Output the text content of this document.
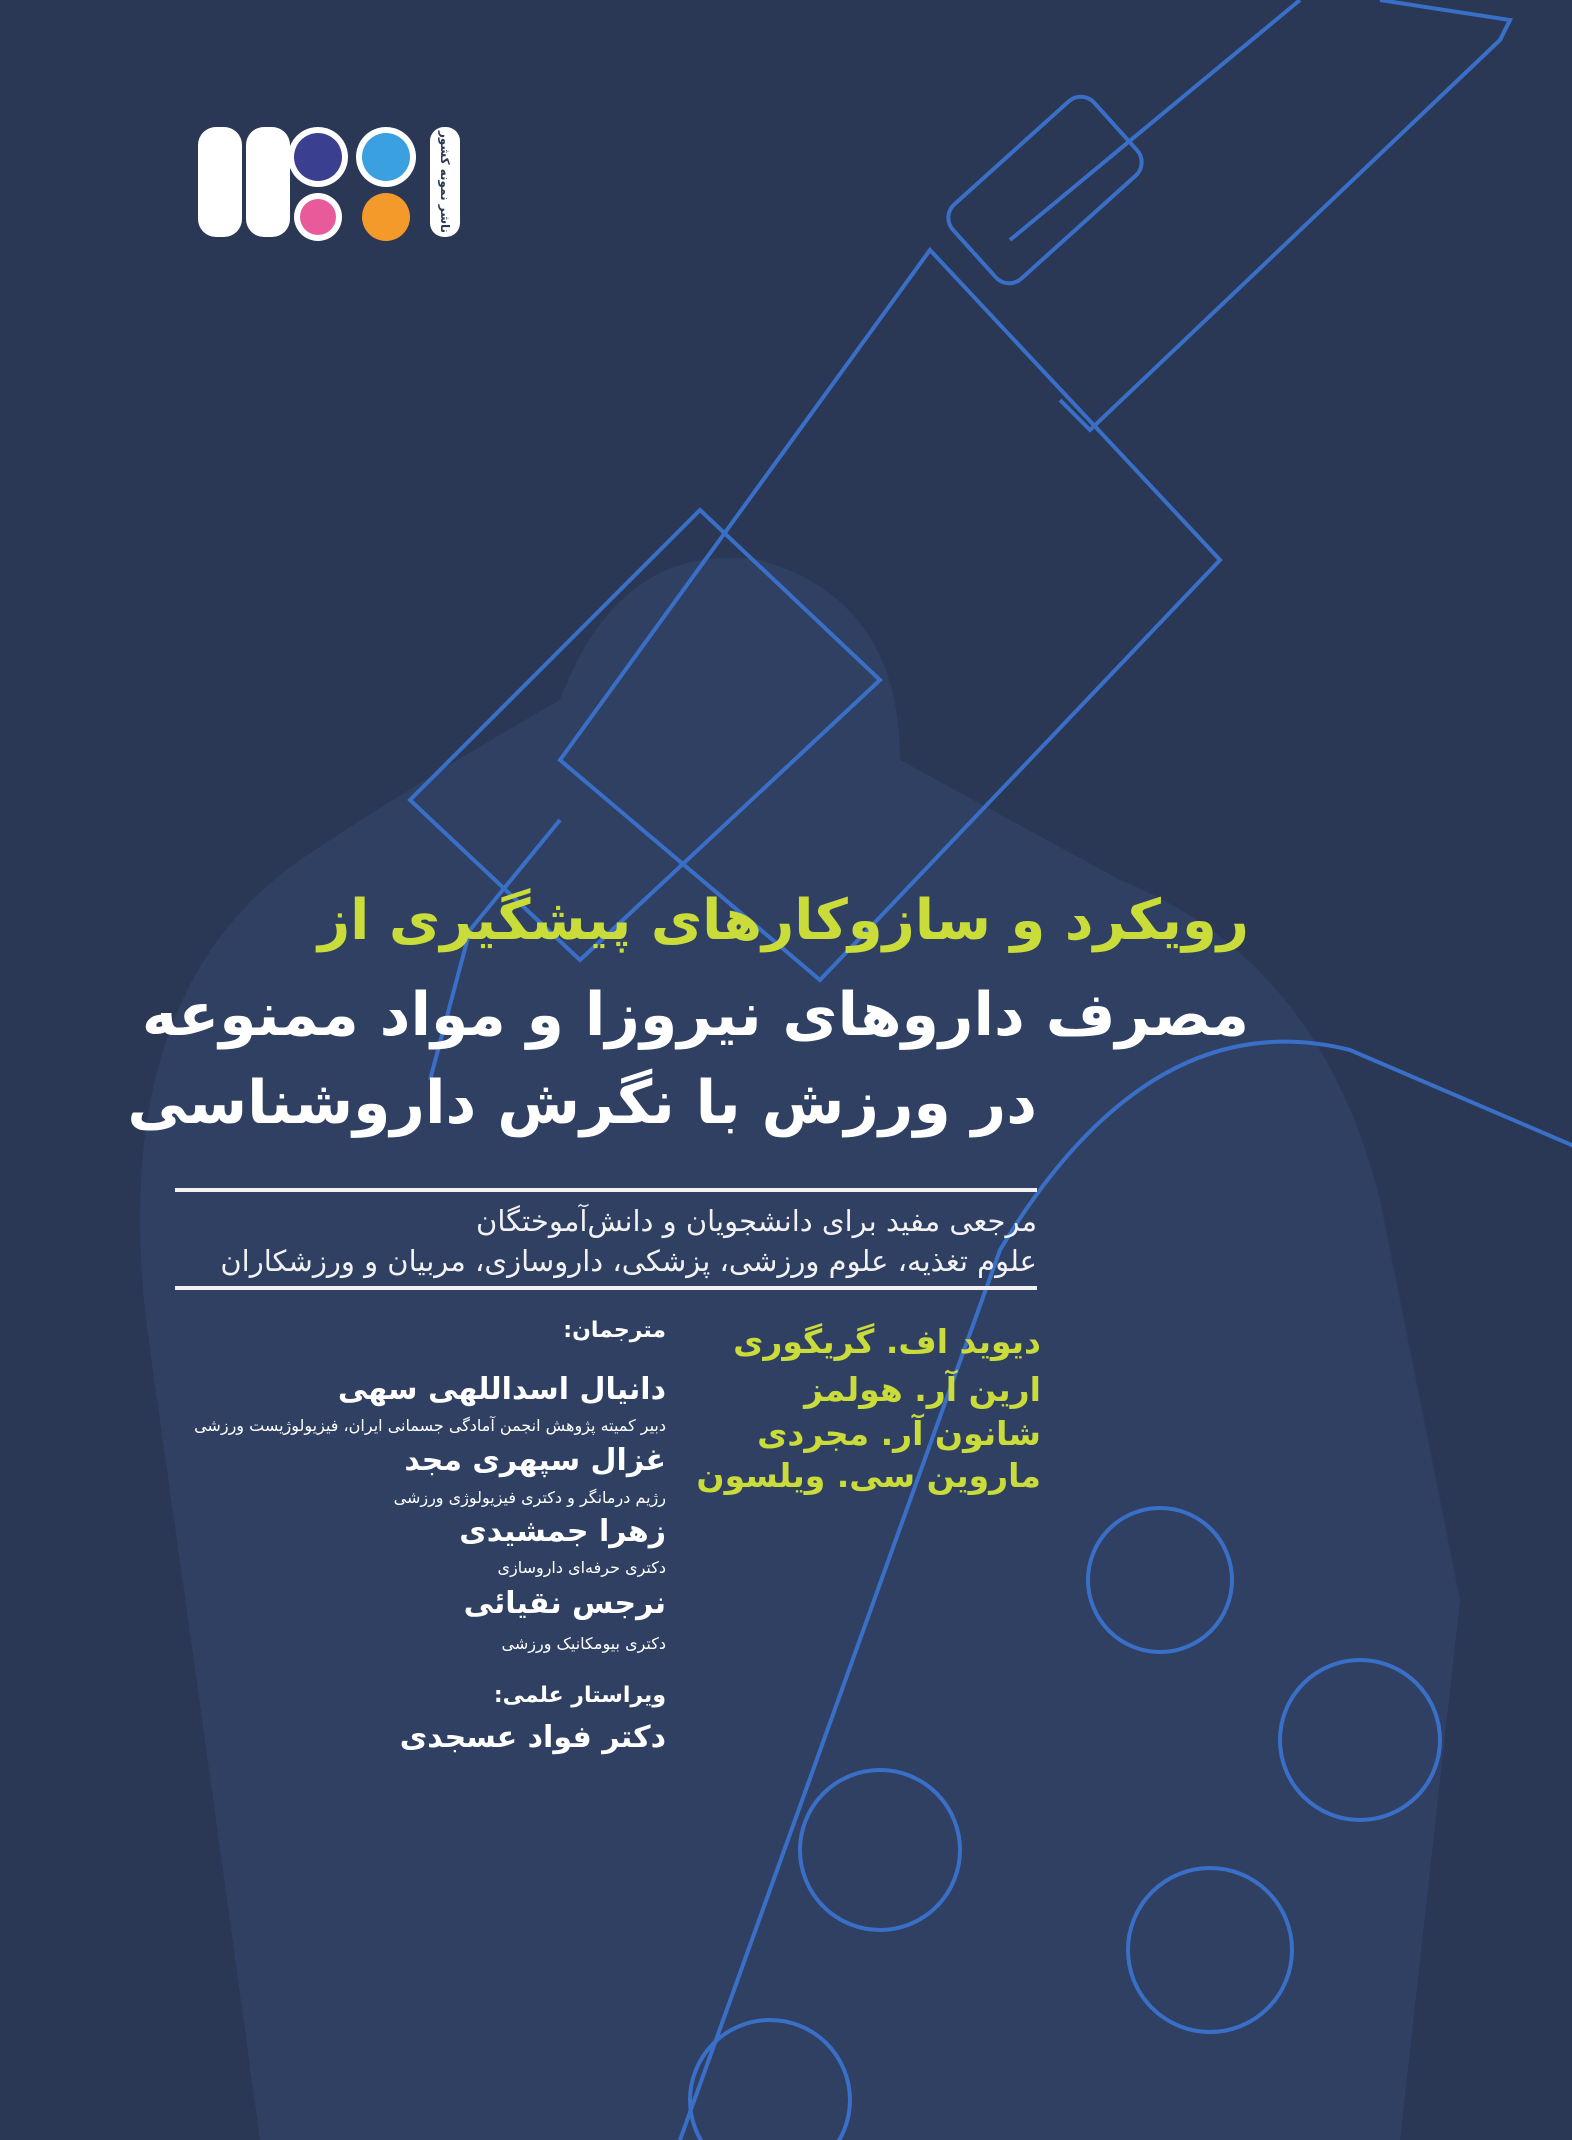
ناشر نمونه کشور
رویکرد و سازوکارهای پیشگیری از
مصرف داروهای نیروزا و مواد ممنوعه
در ورزش با نگرش داروشناسی
مرجعی مفید برای دانشجویان و دانش‌آموختگان
علوم تغذیه، علوم ورزشی، پزشکی، داروسازی، مربیان و ورزشکاران
دیوید اف. گریگوری
ارین آر. هولمز
شانون آر. مجردی
ماروین سی. ویلسون
مترجمان:
دانیال اسداللهی سهی
دبیر کمیته پژوهش انجمن آمادگی جسمانی ایران، فیزیولوژیست ورزشی
غزال سپهری مجد
رژیم درمانگر و دکتری فیزیولوژی ورزشی
زهرا جمشیدی
دکتری حرفه‌ای داروسازی
نرجس نقیائی
دکتری بیومکانیک ورزشی
ویراستار علمی:
دکتر فواد عسجدی
